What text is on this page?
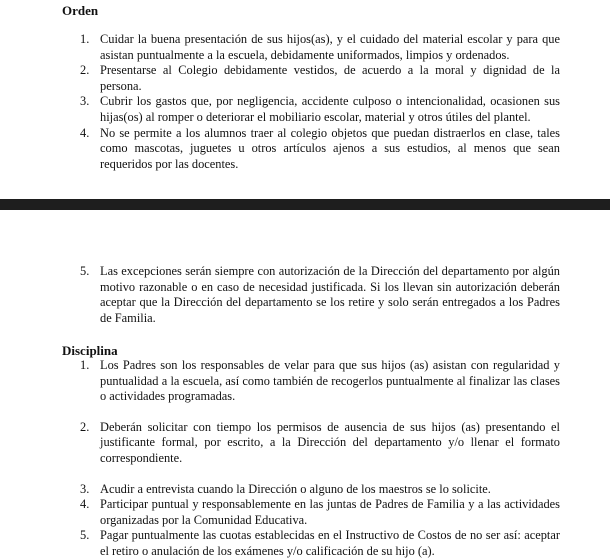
Orden
1. Cuidar la buena presentación de sus hijos(as), y el cuidado del material escolar y para que asistan puntualmente a la escuela, debidamente uniformados, limpios y ordenados.
2. Presentarse al Colegio debidamente vestidos, de acuerdo a la moral y dignidad de la persona.
3. Cubrir los gastos que, por negligencia, accidente culposo o intencionalidad, ocasionen sus hijas(os) al romper o deteriorar el mobiliario escolar, material y otros útiles del plantel.
4. No se permite a los alumnos traer al colegio objetos que puedan distraerlos en clase, tales como mascotas, juguetes u otros artículos ajenos a sus estudios, al menos que sean requeridos por las docentes.
5. Las excepciones serán siempre con autorización de la Dirección del departamento por algún motivo razonable o en caso de necesidad justificada. Si los llevan sin autorización deberán aceptar que la Dirección del departamento se los retire y solo serán entregados a los Padres de Familia.
Disciplina
1. Los Padres son los responsables de velar para que sus hijos (as) asistan con regularidad y puntualidad a la escuela, así como también de recogerlos puntualmente al finalizar las clases o actividades programadas.
2. Deberán solicitar con tiempo los permisos de ausencia de sus hijos (as) presentando el justificante formal, por escrito, a la Dirección del departamento y/o llenar el formato correspondiente.
3. Acudir a entrevista cuando la Dirección o alguno de los maestros se lo solicite.
4. Participar puntual y responsablemente en las juntas de Padres de Familia y a las actividades organizadas por la Comunidad Educativa.
5. Pagar puntualmente las cuotas establecidas en el Instructivo de Costos de no ser así: aceptar el retiro o anulación de los exámenes y/o calificación de su hijo (a).
